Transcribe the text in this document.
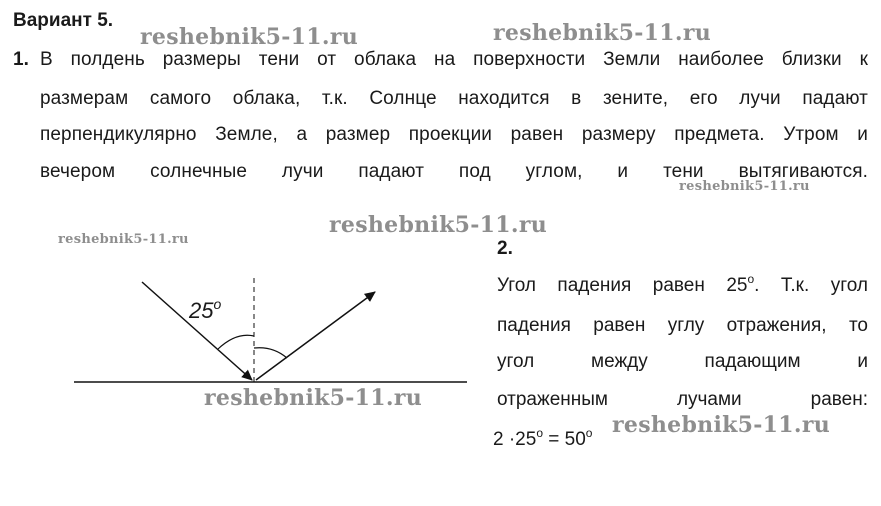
Вариант 5.
1. В полдень размеры тени от облака на поверхности Земли наиболее близки к
размерам самого облака, т.к. Солнце находится в зените, его лучи падают
перпендикулярно Земле, а размер проекции равен размеру предмета. Утром и
вечером солнечные лучи падают под углом, и тени вытягиваются.
25$^o$
2.
Угол падения равен 25$^o$. Т.к. угол
падения равен углу отражения, то
угол между падающим и
отраженным лучами равен:
$2 \cdot 25^o = 50^o$
reshebnik5-11.ru	reshebnik5-11.ru
reshebnik5-11.ru
reshebnik5-11.ru
reshebnik5-11.ru
reshebnik5-11.ru
reshebnik5-11.ru
